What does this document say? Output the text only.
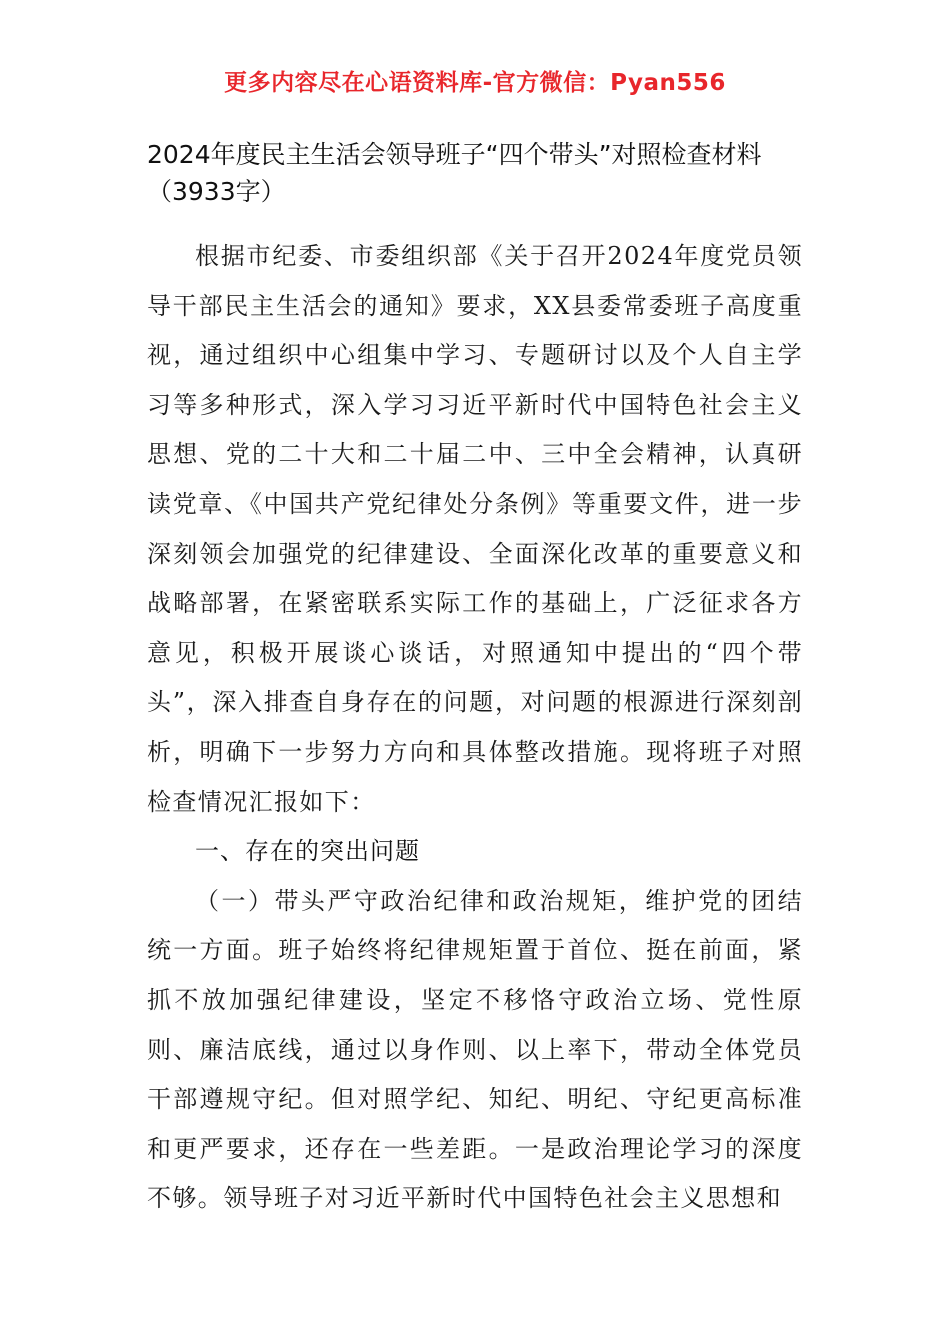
更多内容尽在心语资料库-官方微信：Pyan556
2024年度民主生活会领导班子“四个带头”对照检查材料
（3933字）

根据市纪委、市委组织部《关于召开2024年度党员领导干部民主生活会的通知》要求，XX县委常委班子高度重视，通过组织中心组集中学习、专题研讨以及个人自主学习等多种形式，深入学习习近平新时代中国特色社会主义思想、党的二十大和二十届二中、三中全会精神，认真研读党章、《中国共产党纪律处分条例》等重要文件，进一步深刻领会加强党的纪律建设、全面深化改革的重要意义和战略部署，在紧密联系实际工作的基础上，广泛征求各方意见，积极开展谈心谈话，对照通知中提出的“四个带头”，深入排查自身存在的问题，对问题的根源进行深刻剖析，明确下一步努力方向和具体整改措施。现将班子对照检查情况汇报如下：

一、存在的突出问题

（一）带头严守政治纪律和政治规矩，维护党的团结统一方面。班子始终将纪律规矩置于首位、挺在前面，紧抓不放加强纪律建设，坚定不移恪守政治立场、党性原则、廉洁底线，通过以身作则、以上率下，带动全体党员干部遵规守纪。但对照学纪、知纪、明纪、守纪更高标准和更严要求，还存在一些差距。一是政治理论学习的深度不够。领导班子对习近平新时代中国特色社会主义思想和
